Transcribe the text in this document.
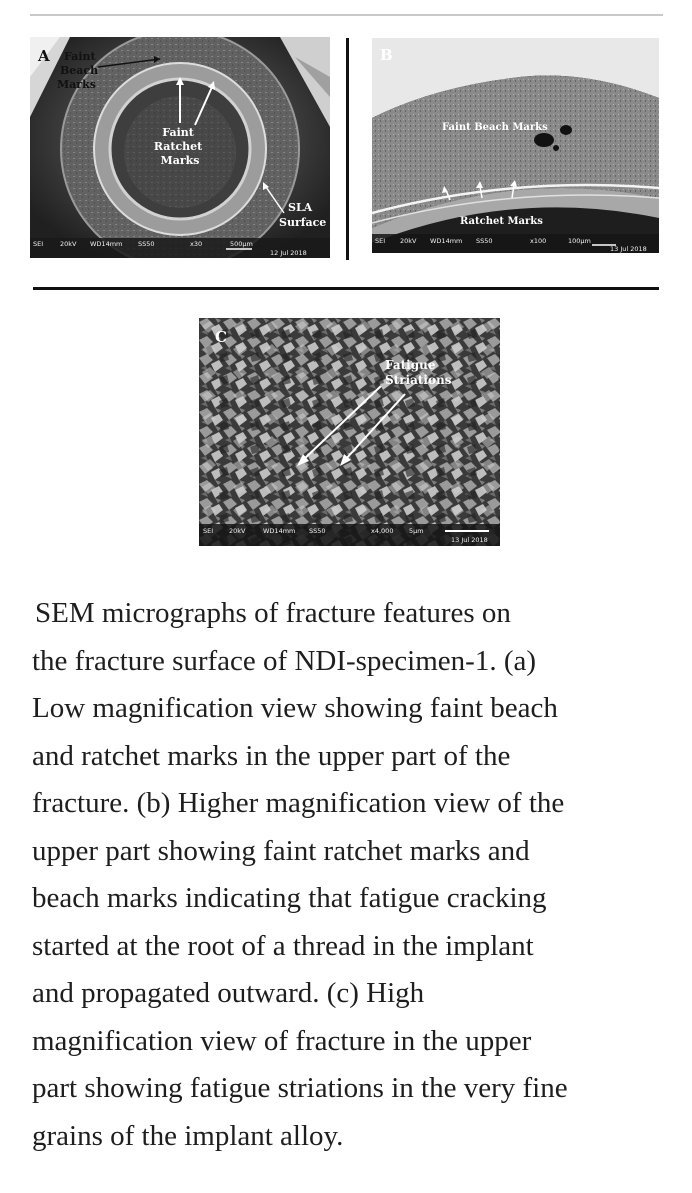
A	Faint Beach Marks
Faint Ratchet Marks
SLA Surface
SEI	20kV WD14mm SS50	x30	500μm
12 Jul 2018
B
Faint Beach Marks
Ratchet Marks
SEI 20kV WD14mm SS50	x100	100μm
13 Jul 2018
C
Fatigue Striations
SEI 20kV	WD14mm SS50	x4,000 5μm
13 Jul 2018

SEM micrographs of fracture features on
the fracture surface of NDI-specimen-1. (a)
Low magnification view showing faint beach
and ratchet marks in the upper part of the
fracture. (b) Higher magnification view of the
upper part showing faint ratchet marks and
beach marks indicating that fatigue cracking
started at the root of a thread in the implant
and propagated outward. (c) High
magnification view of fracture in the upper
part showing fatigue striations in the very fine
grains of the implant alloy.
